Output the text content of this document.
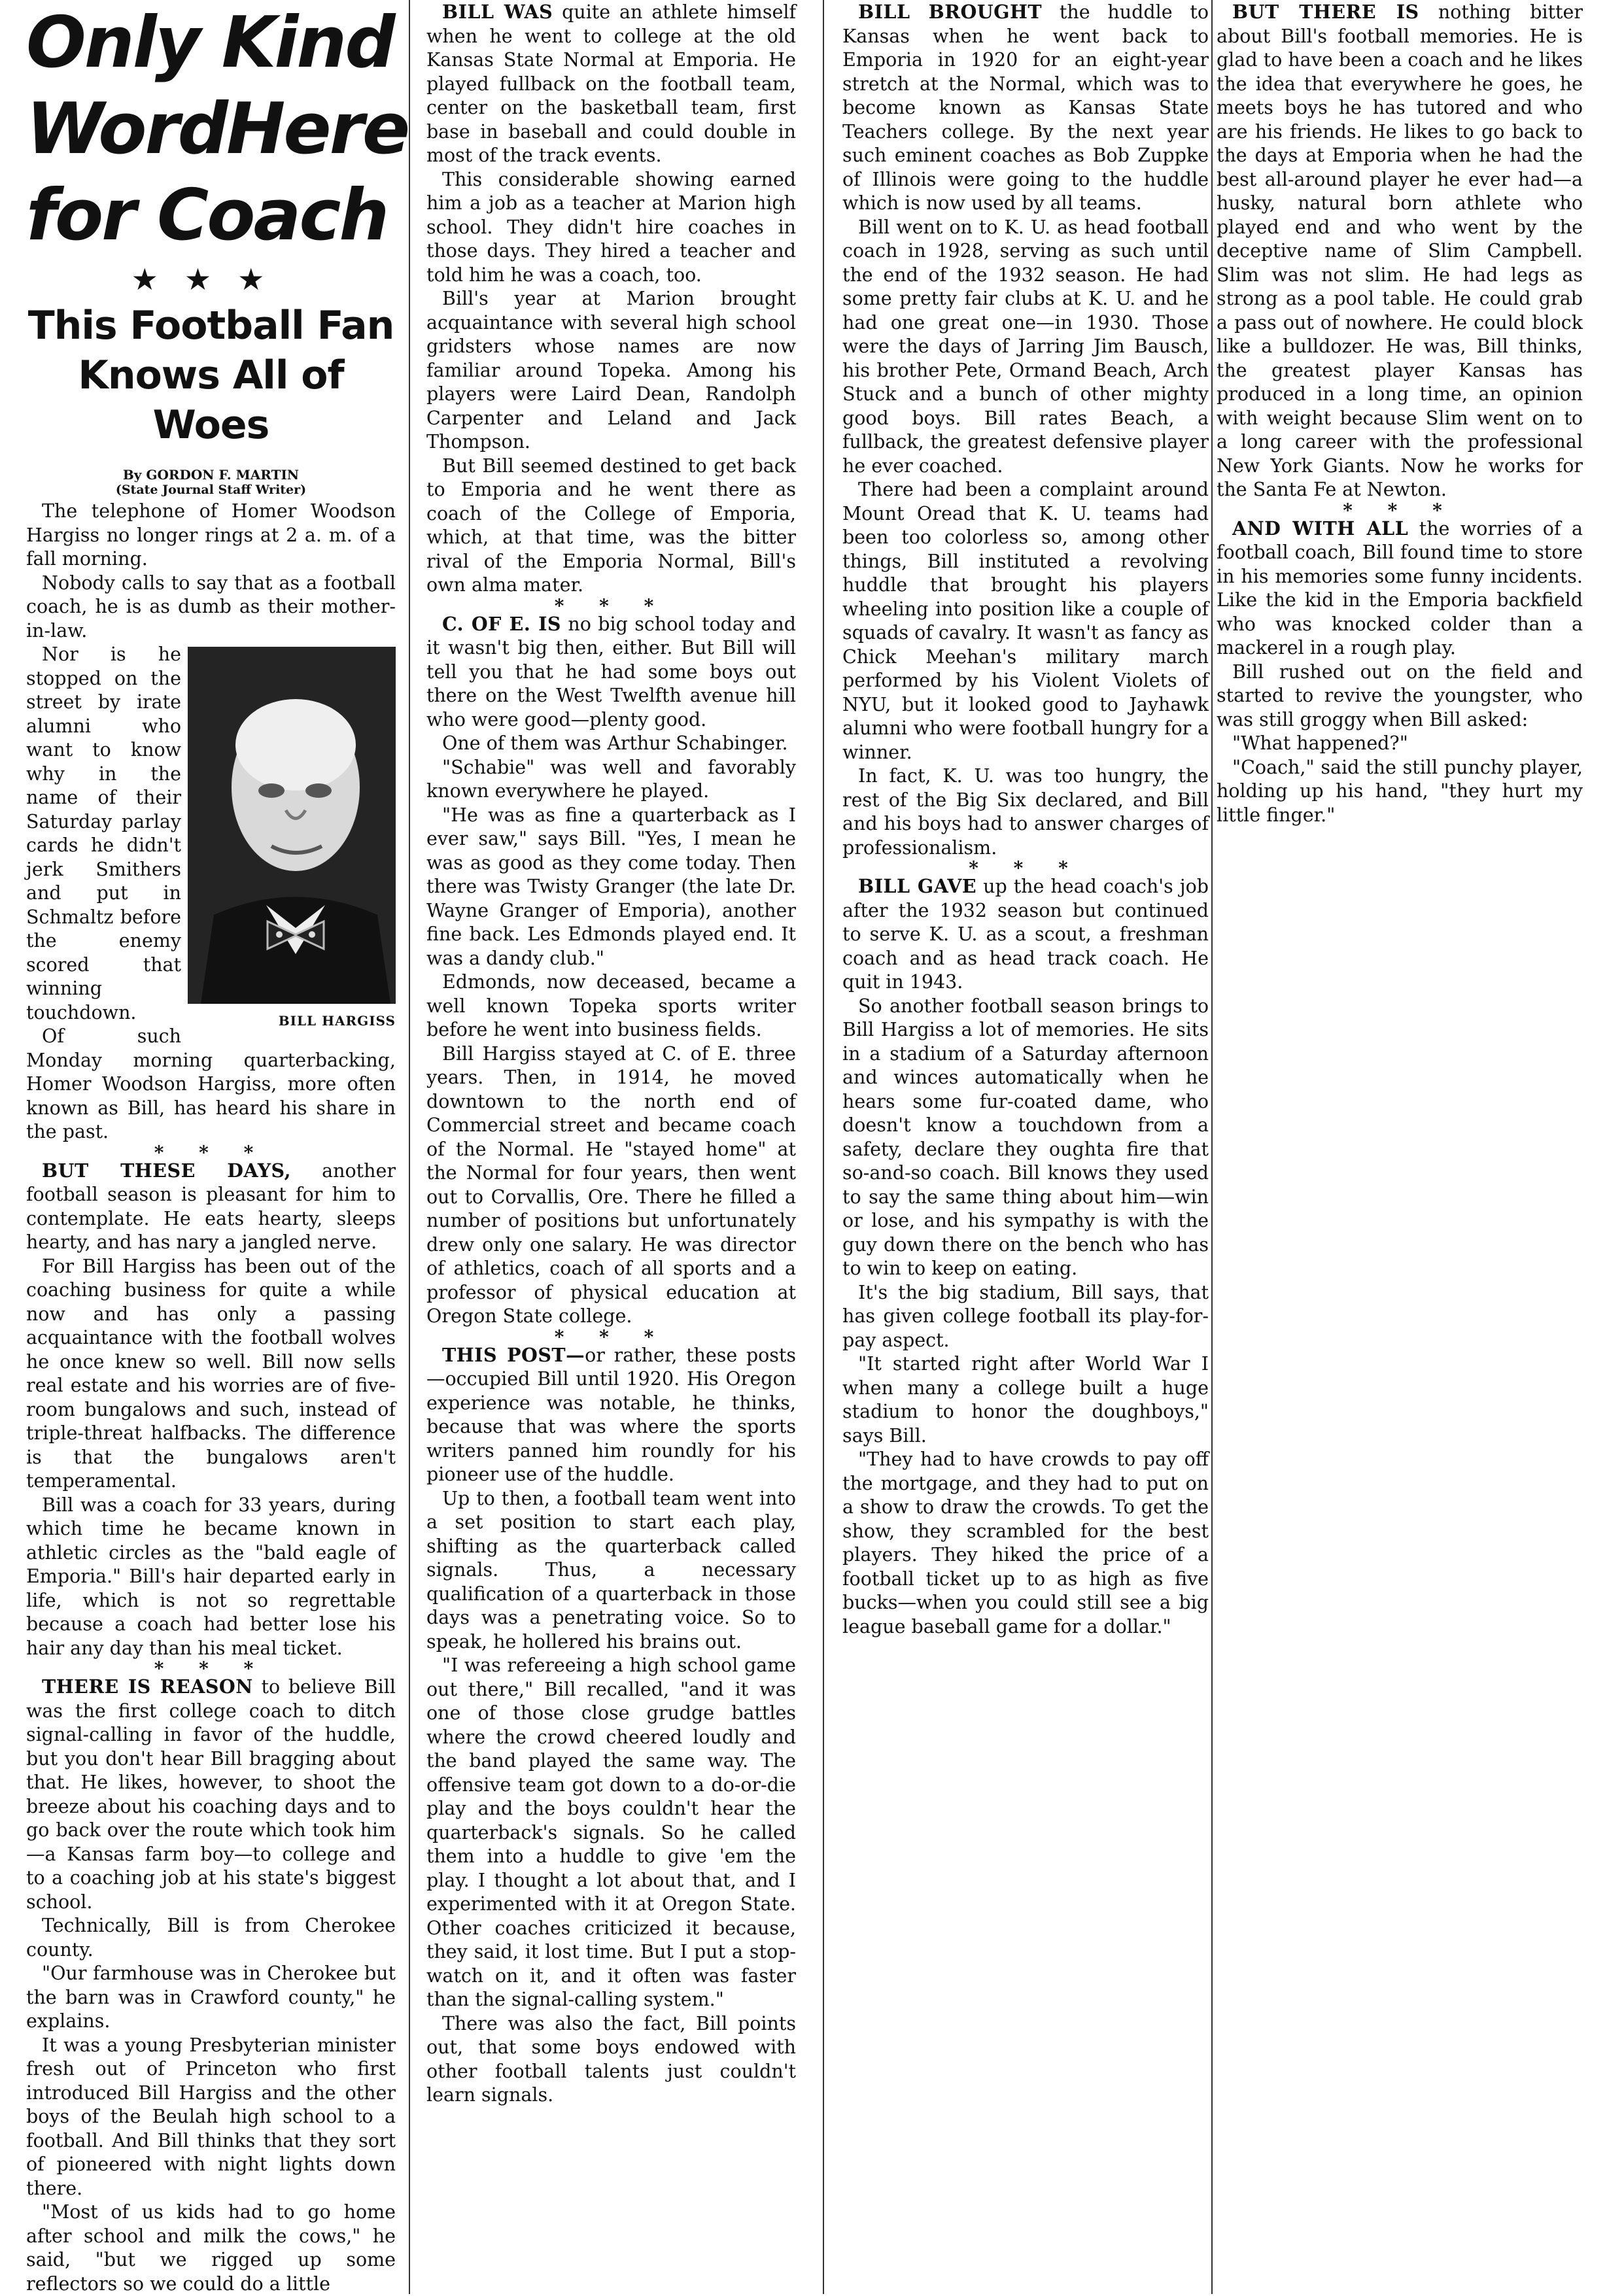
Only Kind
WordHere
for Coach
★★★
This Football Fan
Knows All of Woes
By GORDON F. MARTIN
(State Journal Staff Writer)

The telephone of Homer Woodson Hargiss no longer rings at 2 a. m. of a fall morning.

Nobody calls to say that as a football coach, he is as dumb as their mother-in-law.

BILL HARGISS

Nor is he stopped on the street by irate alumni who want to know why in the name of their Saturday parlay cards he didn't jerk Smithers and put in Schmaltz before the enemy scored that winning touchdown.

Of such Monday morning quarterbacking, Homer Woodson Hargiss, more often known as Bill, has heard his share in the past.

* * *

BUT THESE DAYS, another football season is pleasant for him to contemplate. He eats hearty, sleeps hearty, and has nary a jangled nerve.

For Bill Hargiss has been out of the coaching business for quite a while now and has only a passing acquaintance with the football wolves he once knew so well. Bill now sells real estate and his worries are of five-room bungalows and such, instead of triple-threat halfbacks. The difference is that the bungalows aren't temperamental.

Bill was a coach for 33 years, during which time he became known in athletic circles as the "bald eagle of Emporia." Bill's hair departed early in life, which is not so regrettable because a coach had better lose his hair any day than his meal ticket.

* * *

THERE IS REASON to believe Bill was the first college coach to ditch signal-calling in favor of the huddle, but you don't hear Bill bragging about that. He likes, however, to shoot the breeze about his coaching days and to go back over the route which took him—a Kansas farm boy—to college and to a coaching job at his state's biggest school.

Technically, Bill is from Cherokee county.

"Our farmhouse was in Cherokee but the barn was in Crawford county," he explains.

It was a young Presbyterian minister fresh out of Princeton who first introduced Bill Hargiss and the other boys of the Beulah high school to a football. And Bill thinks that they sort of pioneered with night lights down there.

"Most of us kids had to go home after school and milk the cows," he said, "but we rigged up some reflectors so we could do a little

BILL WAS quite an athlete himself when he went to college at the old Kansas State Normal at Emporia. He played fullback on the football team, center on the basketball team, first base in baseball and could double in most of the track events.

This considerable showing earned him a job as a teacher at Marion high school. They didn't hire coaches in those days. They hired a teacher and told him he was a coach, too.

Bill's year at Marion brought acquaintance with several high school gridsters whose names are now familiar around Topeka. Among his players were Laird Dean, Randolph Carpenter and Leland and Jack Thompson.

But Bill seemed destined to get back to Emporia and he went there as coach of the College of Emporia, which, at that time, was the bitter rival of the Emporia Normal, Bill's own alma mater.

* * *

C. OF E. IS no big school today and it wasn't big then, either. But Bill will tell you that he had some boys out there on the West Twelfth avenue hill who were good—plenty good.

One of them was Arthur Schabinger.

"Schabie" was well and favorably known everywhere he played.

"He was as fine a quarterback as I ever saw," says Bill. "Yes, I mean he was as good as they come today. Then there was Twisty Granger (the late Dr. Wayne Granger of Emporia), another fine back. Les Edmonds played end. It was a dandy club."

Edmonds, now deceased, became a well known Topeka sports writer before he went into business fields.

Bill Hargiss stayed at C. of E. three years. Then, in 1914, he moved downtown to the north end of Commercial street and became coach of the Normal. He "stayed home" at the Normal for four years, then went out to Corvallis, Ore. There he filled a number of positions but unfortunately drew only one salary. He was director of athletics, coach of all sports and a professor of physical education at Oregon State college.

* * *

THIS POST—or rather, these posts—occupied Bill until 1920. His Oregon experience was notable, he thinks, because that was where the sports writers panned him roundly for his pioneer use of the huddle.

Up to then, a football team went into a set position to start each play, shifting as the quarterback called signals. Thus, a necessary qualification of a quarterback in those days was a penetrating voice. So to speak, he hollered his brains out.

"I was refereeing a high school game out there," Bill recalled, "and it was one of those close grudge battles where the crowd cheered loudly and the band played the same way. The offensive team got down to a do-or-die play and the boys couldn't hear the quarterback's signals. So he called them into a huddle to give 'em the play. I thought a lot about that, and I experimented with it at Oregon State. Other coaches criticized it because, they said, it lost time. But I put a stop-watch on it, and it often was faster than the signal-calling system."

There was also the fact, Bill points out, that some boys endowed with other football talents just couldn't learn signals.

BILL BROUGHT the huddle to Kansas when he went back to Emporia in 1920 for an eight-year stretch at the Normal, which was to become known as Kansas State Teachers college. By the next year such eminent coaches as Bob Zuppke of Illinois were going to the huddle which is now used by all teams.

Bill went on to K. U. as head football coach in 1928, serving as such until the end of the 1932 season. He had some pretty fair clubs at K. U. and he had one great one—in 1930. Those were the days of Jarring Jim Bausch, his brother Pete, Ormand Beach, Arch Stuck and a bunch of other mighty good boys. Bill rates Beach, a fullback, the greatest defensive player he ever coached.

There had been a complaint around Mount Oread that K. U. teams had been too colorless so, among other things, Bill instituted a revolving huddle that brought his players wheeling into position like a couple of squads of cavalry. It wasn't as fancy as Chick Meehan's military march performed by his Violent Violets of NYU, but it looked good to Jayhawk alumni who were football hungry for a winner.

In fact, K. U. was too hungry, the rest of the Big Six declared, and Bill and his boys had to answer charges of professionalism.

* * *

BILL GAVE up the head coach's job after the 1932 season but continued to serve K. U. as a scout, a freshman coach and as head track coach. He quit in 1943.

So another football season brings to Bill Hargiss a lot of memories. He sits in a stadium of a Saturday afternoon and winces automatically when he hears some fur-coated dame, who doesn't know a touchdown from a safety, declare they oughta fire that so-and-so coach. Bill knows they used to say the same thing about him—win or lose, and his sympathy is with the guy down there on the bench who has to win to keep on eating.

It's the big stadium, Bill says, that has given college football its play-for-pay aspect.

"It started right after World War I when many a college built a huge stadium to honor the doughboys," says Bill.

"They had to have crowds to pay off the mortgage, and they had to put on a show to draw the crowds. To get the show, they scrambled for the best players. They hiked the price of a football ticket up to as high as five bucks—when you could still see a big league baseball game for a dollar."

BUT THERE IS nothing bitter about Bill's football memories. He is glad to have been a coach and he likes the idea that everywhere he goes, he meets boys he has tutored and who are his friends. He likes to go back to the days at Emporia when he had the best all-around player he ever had—a husky, natural born athlete who played end and who went by the deceptive name of Slim Campbell. Slim was not slim. He had legs as strong as a pool table. He could grab a pass out of nowhere. He could block like a bulldozer. He was, Bill thinks, the greatest player Kansas has produced in a long time, an opinion with weight because Slim went on to a long career with the professional New York Giants. Now he works for the Santa Fe at Newton.

* * *

AND WITH ALL the worries of a football coach, Bill found time to store in his memories some funny incidents. Like the kid in the Emporia backfield who was knocked colder than a mackerel in a rough play.

Bill rushed out on the field and started to revive the youngster, who was still groggy when Bill asked:

"What happened?"

"Coach," said the still punchy player, holding up his hand, "they hurt my little finger."
